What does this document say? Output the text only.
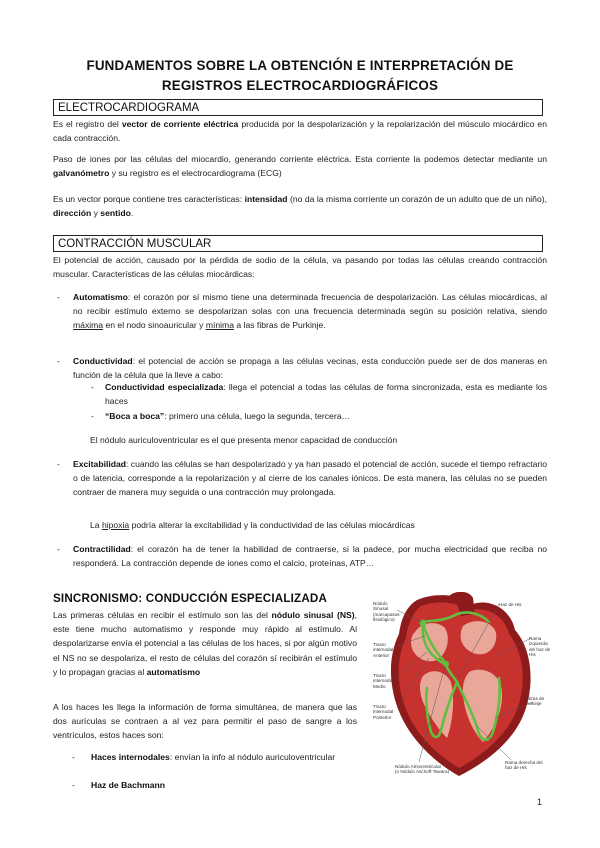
FUNDAMENTOS SOBRE LA OBTENCIÓN E INTERPRETACIÓN DE
REGISTROS ELECTROCARDIOGRÁFICOS
ELECTROCARDIOGRAMA

Es el registro del vector de corriente eléctrica producida por la despolarización y la repolarización del músculo miocárdico en cada contracción.

Paso de iones por las células del miocardio, generando corriente eléctrica. Esta corriente la podemos detectar mediante un galvanómetro y su registro es el electrocardiograma (ECG)

Es un vector porque contiene tres características: intensidad (no da la misma corriente un corazón de un adulto que de un niño), dirección y sentido.

CONTRACCIÓN MUSCULAR

El potencial de acción, causado por la pérdida de sodio de la célula, va pasando por todas las células creando contracción muscular. Características de las células miocárdicas:

- Automatismo: el corazón por sí mismo tiene una determinada frecuencia de despolarización. Las células miocárdicas, al no recibir estímulo externo se despolarizan solas con una frecuencia determinada según su posición relativa, siendo máxima en el nodo sinoauricular y mínima a las fibras de Purkinje.

- Conductividad: el potencial de acción se propaga a las células vecinas, esta conducción puede ser de dos maneras en función de la célula que la lleve a cabo:

- Conductividad especializada: llega el potencial a todas las células de forma sincronizada, esta es mediante los haces

- “Boca a boca”: primero una célula, luego la segunda, tercera…

El nódulo auriculoventricular es el que presenta menor capacidad de conducción

- Excitabilidad: cuando las células se han despolarizado y ya han pasado el potencial de acción, sucede el tiempo refractario o de latencia, corresponde a la repolarización y al cierre de los canales iónicos. De esta manera, las células no se pueden contraer de manera muy seguida o una contracción muy prolongada.

La hipoxia podría alterar la excitabilidad y la conductividad de las células miocárdicas

- Contractilidad: el corazón ha de tener la habilidad de contraerse, si la padece, por mucha electricidad que reciba no responderá. La contracción depende de iones como el calcio, proteínas, ATP…

SINCRONISMO: CONDUCCIÓN ESPECIALIZADA

Las primeras células en recibir el estímulo son las del nódulo sinusal (NS), este tiene mucho automatismo y responde muy rápido al estímulo. Al despolarizarse envía el potencial a las células de los haces, si por algún motivo el NS no se despolariza, el resto de células del corazón sí recibirán el estímulo y lo propagan gracias al automatismo

A los haces les llega la información de forma simultánea, de manera que las dos aurículas se contraen a al vez para permitir el paso de sangre a los ventrículos, estos haces son:

- Haces internodales: envían la info al nódulo auriculoventricular

- Haz de Bachmann

Nódulo
Sinusal
(marcapasos
fisiológico)
Tracto
internodal
Anterior
Tracto
internodal
Medio
Tracto
internodal
Posterior
Nódulo Atrioventricular
(o Nódulo Aschoff-Tawara)
Haz de His
Rama
izquierda
del haz de His
Fibras de
Purkinje
Rama derecha del
haz de His
1
